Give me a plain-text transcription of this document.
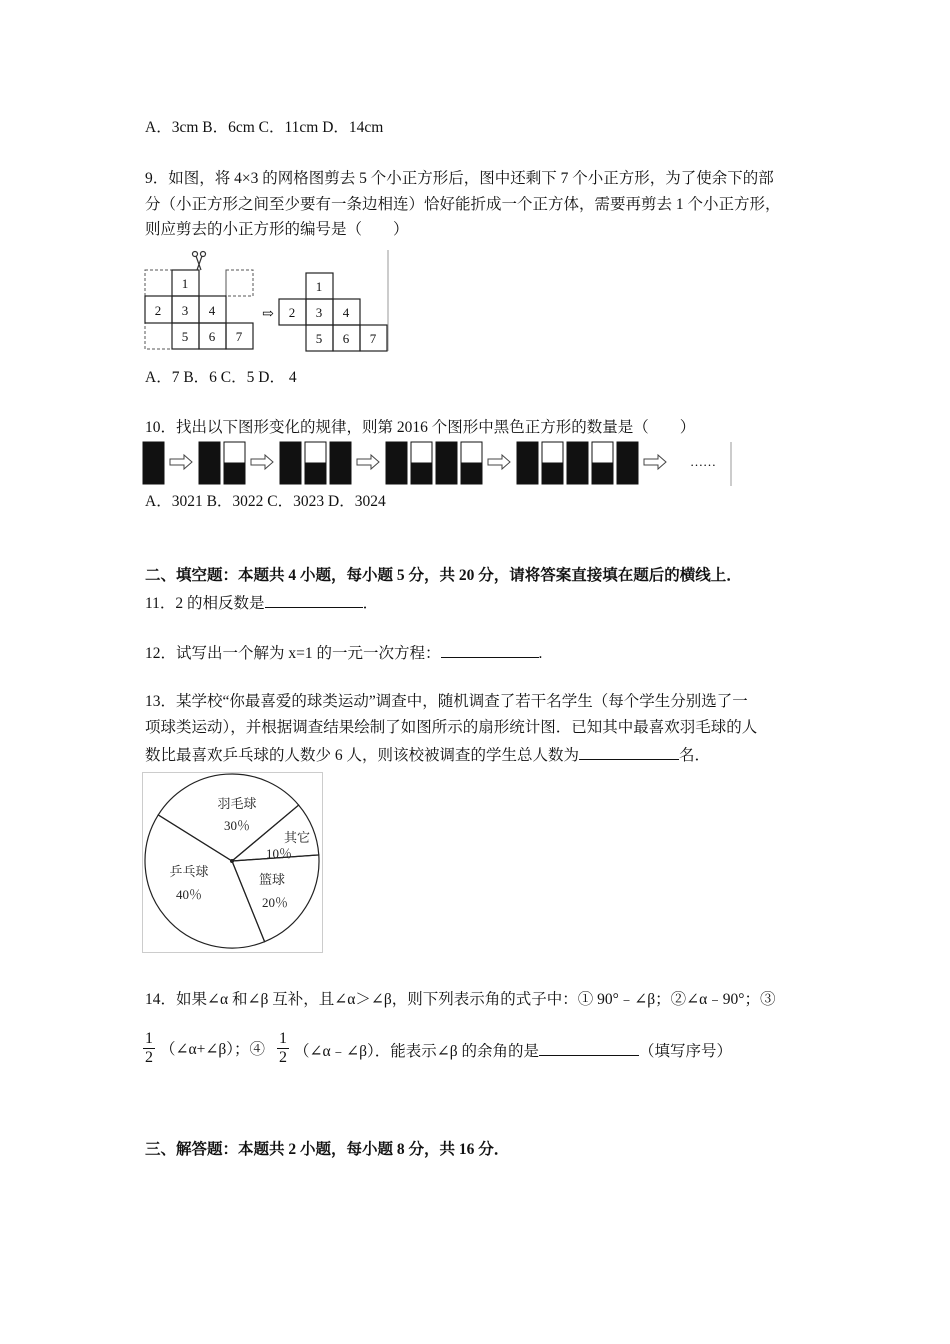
A．3cm B．6cm C．11cm D．14cm
9．如图，将 4×3 的网格图剪去 5 个小正方形后，图中还剩下 7 个小正方形，为了使余下的部
分（小正方形之间至少要有一条边相连）恰好能折成一个正方体，需要再剪去 1 个小正方形，
则应剪去的小正方形的编号是（　　）
1
2 3 4
5 6 7
⇨
1
2 3 4
5 6 7
A．7 B．6 C．5 D． 4
10．找出以下图形变化的规律，则第 2016 个图形中黑色正方形的数量是（　　）
……
A．3021 B．3022 C．3023 D．3024
二、填空题：本题共 4 小题，每小题 5 分，共 20 分，请将答案直接填在题后的横线上．
11．2 的相反数是	．
12．试写出一个解为 x=1 的一元一次方程：	.
13．某学校“你最喜爱的球类运动”调查中，随机调查了若干名学生（每个学生分别选了一
项球类运动），并根据调查结果绘制了如图所示的扇形统计图．已知其中最喜欢羽毛球的人
数比最喜欢乒乓球的人数少 6 人，则该校被调查的学生总人数为	名．
羽毛球
30％
其它
10％
篮球
20％
乒乓球
40％
14．如果∠α 和∠β 互补，且∠α＞∠β，则下列表示角的式子中：① 90°﹣∠β；②∠α﹣90°；③
$\frac{1}{2}$ （∠α+∠β）；④ $\frac{1}{2}$ （∠α﹣∠β）．能表示∠β 的余角的是	（填写序号）
三、解答题：本题共 2 小题，每小题 8 分，共 16 分．
